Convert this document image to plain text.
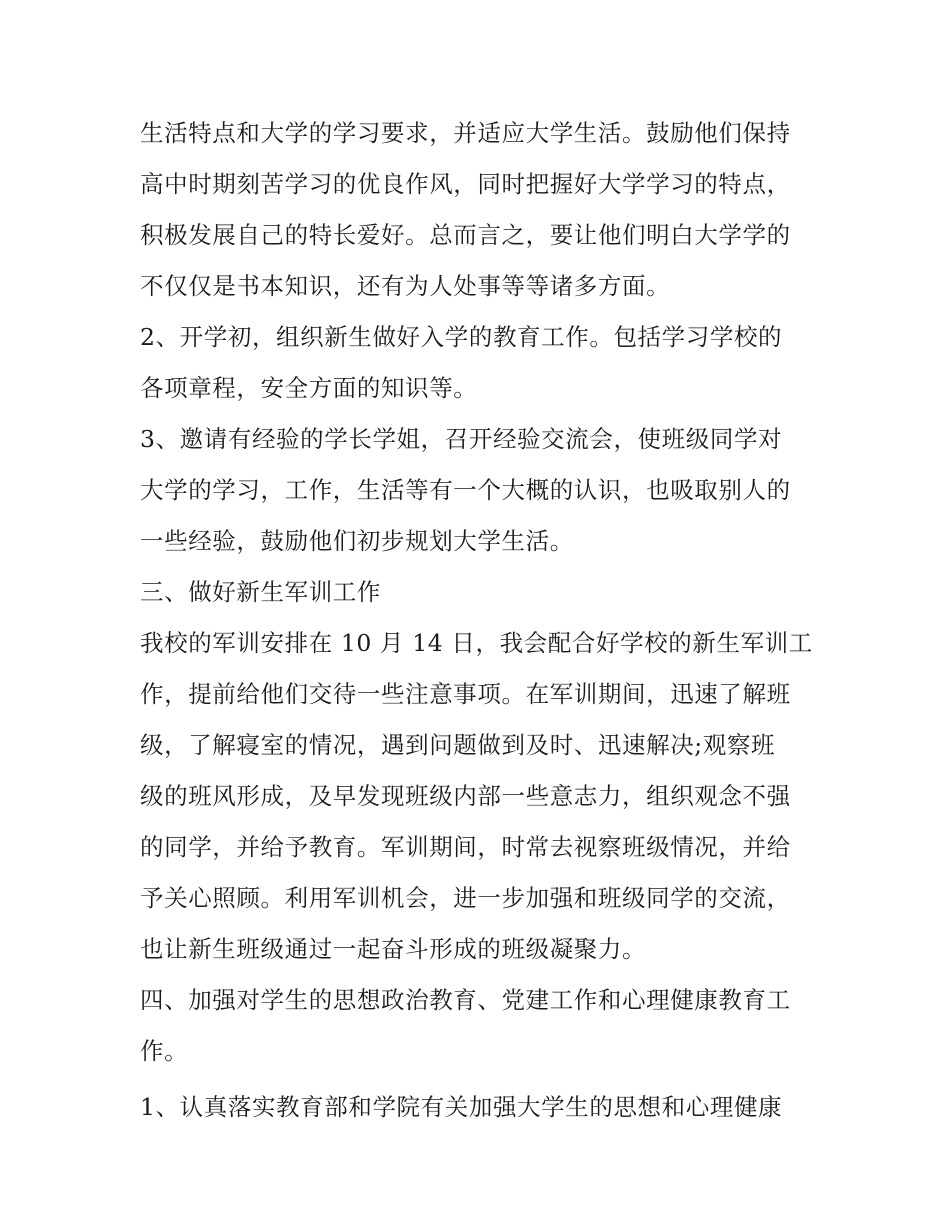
生活特点和大学的学习要求，并适应大学生活。鼓励他们保持
高中时期刻苦学习的优良作风，同时把握好大学学习的特点，
积极发展自己的特长爱好。总而言之，要让他们明白大学学的
不仅仅是书本知识，还有为人处事等等诸多方面。
2、开学初，组织新生做好入学的教育工作。包括学习学校的
各项章程，安全方面的知识等。
3、邀请有经验的学长学姐，召开经验交流会，使班级同学对
大学的学习，工作，生活等有一个大概的认识，也吸取别人的
一些经验，鼓励他们初步规划大学生活。
三、做好新生军训工作
我校的军训安排在 10 月 14 日，我会配合好学校的新生军训工
作，提前给他们交待一些注意事项。在军训期间，迅速了解班
级，了解寝室的情况，遇到问题做到及时、迅速解决;观察班
级的班风形成，及早发现班级内部一些意志力，组织观念不强
的同学，并给予教育。军训期间，时常去视察班级情况，并给
予关心照顾。利用军训机会，进一步加强和班级同学的交流，
也让新生班级通过一起奋斗形成的班级凝聚力。
四、加强对学生的思想政治教育、党建工作和心理健康教育工
作。
1、认真落实教育部和学院有关加强大学生的思想和心理健康
